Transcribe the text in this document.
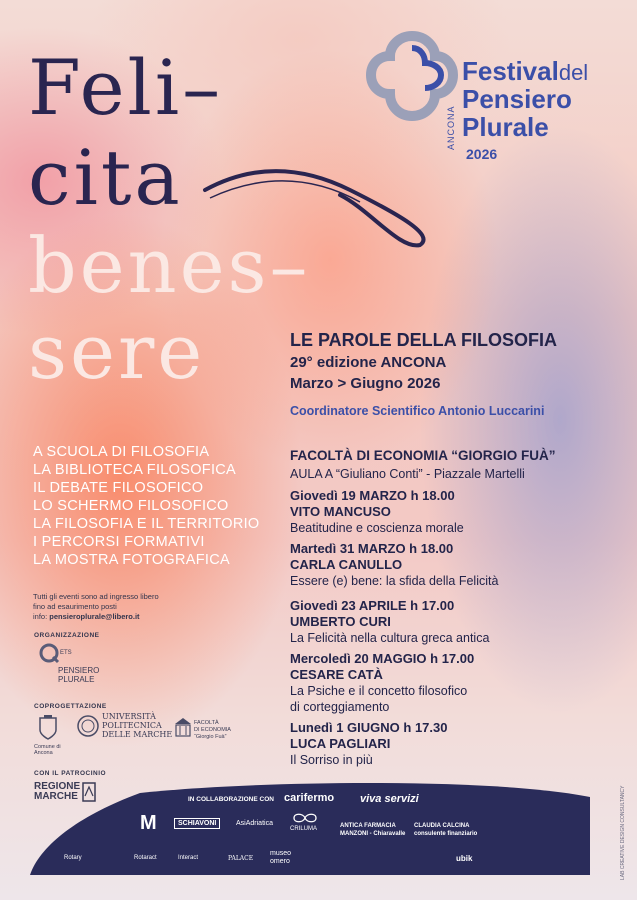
Feli–
cita
benes–
sere
Festivaldel
Pensiero
Plurale
2026
ANCONA
LE PAROLE DELLA FILOSOFIA
29° edizione ANCONA
Marzo > Giugno 2026
Coordinatore Scientifico Antonio Luccarini
FACOLTÀ DI ECONOMIA “GIORGIO FUÀ”
AULA A “Giuliano Conti” - Piazzale Martelli
Giovedì 19 MARZO h 18.00
VITO MANCUSO
Beatitudine e coscienza morale
Martedì 31 MARZO h 18.00
CARLA CANULLO
Essere (e) bene: la sfida della Felicità
Giovedì 23 APRILE h 17.00
UMBERTO CURI
La Felicità nella cultura greca antica
Mercoledì 20 MAGGIO h 17.00
CESARE CATÀ
La Psiche e il concetto filosofico
di corteggiamento
Lunedì 1 GIUGNO h 17.30
LUCA PAGLIARI
Il Sorriso in più
A SCUOLA DI FILOSOFIA
LA BIBLIOTECA FILOSOFICA
IL DEBATE FILOSOFICO
LO SCHERMO FILOSOFICO
LA FILOSOFIA E IL TERRITORIO
I PERCORSI FORMATIVI
LA MOSTRA FOTOGRAFICA
Tutti gli eventi sono ad ingresso libero
fino ad esaurimento posti
info: pensieroplurale@libero.it
ORGANIZZAZIONE
ETS
PENSIERO
PLURALE
COPROGETTAZIONE
Comune di
Ancona
UNIVERSITÀ
POLITECNICA
DELLE MARCHE
FACOLTÀ
DI ECONOMIA
“Giorgio Fuà”
CON IL PATROCINIO
REGIONE
MARCHE	IN COLLABORAZIONE CON carifermo viva servizi
M	SCHIAVONI	AsiAdriatica
CRILUMA	ANTICA FARMACIA
MANZONI - Chiaravalle
CLAUDIA CALCINA
consulente finanziario
Rotary	Rotaract	Interact	PALACE
museo
omero	ubik	LAB CREATIVE DESIGN CONSULTANCY
